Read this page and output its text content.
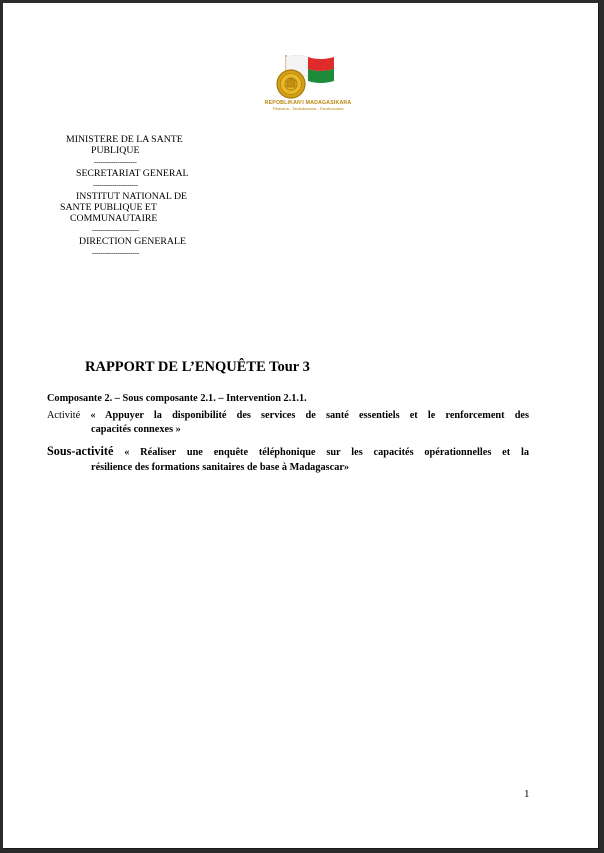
REPOBLIKAN'I MADAGASIKARA
Fitiavana - Tanindrazana - Fandrosoana
MINISTERE DE LA SANTE
PUBLIQUE
--------------------
SECRETARIAT GENERAL
---------------------
INSTITUT NATIONAL DE
SANTE PUBLIQUE ET
COMMUNAUTAIRE
----------------------
DIRECTION GENERALE
----------------------
RAPPORT DE L’ENQUÊTE Tour 3
Composante 2. – Sous composante 2.1. – Intervention 2.1.1.
Activité « Appuyer la disponibilité des services de santé essentiels et le renforcement des
capacités connexes »
Sous-activité « Réaliser une enquête téléphonique sur les capacités opérationnelles et la
résilience des formations sanitaires de base à Madagascar»
1
